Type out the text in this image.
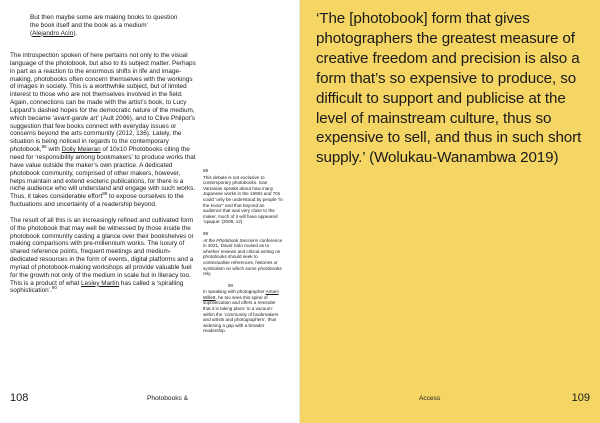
But then maybe some are making books to question the book itself and the book as a medium’
(Alejandro Acín).

The introspection spoken of here pertains not only to the visual language of the photobook, but also to its subject matter. Perhaps in part as a reaction to the enormous shifts in life and image-making, photobooks often concern themselves with the workings of images in society. This is a worthwhile subject, but of limited interest to those who are not themselves involved in the field. Again, connections can be made with the artist’s book, to Lucy Lippard’s dashed hopes for the democratic nature of the medium, which became ‘avant-garde art’ (Ault 2006), and to Clive Philpot’s suggestion that few books connect with everyday issues or concerns beyond the arts community (2012, 136). Lately, the situation is being noticed in regards to the contemporary photobook,$^{88}$ with Dolly Meieran of 10x10 Photobooks citing the need for ‘responsibility among bookmakers’ to produce works that have value outside the maker’s own practice. A dedicated photobook community, comprised of other makers, however, helps maintain and extend esoteric publications, for there is a niche audience who will understand and engage with such works. Thus, it takes considerable effort$^{89}$ to expose ourselves to the fluctuations and uncertainty of a readership beyond.

The result of all this is an increasingly refined and cultivated form of the photobook that may well be witnessed by those inside the photobook community casting a glance over their bookshelves or making comparisons with pre-millennium works. The luxury of shared reference points, frequent meetings and medium-dedicated resources in the form of events, digital platforms and a myriad of photobook-making workshops all provide valuable fuel for the growth not only of the medium in scale but in literacy too. This is a product of what Lesley Martin has called a ‘spiralling sophistication’.$^{90}$

88

This debate is not exclusive to contemporary photobooks. Ivan Vartanian speaks about how many Japanese works in the 1960s and 70s could ‘only be understood by people “in the know”’ and that beyond an audience that was very close to the maker, much of it will have appeared ‘opaque’ (2009, 12).

89

At the Photobook Sessions conference in 2021, David Solo mused as to whether reviews and critical writing on photobooks should seek to contextualise references, histories or symbolism on which some photobooks rely.

90

In speaking with photographer Amani Willett, he too sees this spiral of sophistication and offers a reminder that it is taking place ‘in a vacuum’ within the ‘community of bookmakers and artists and photographers’, thus widening a gap with a broader readership.

108	Photobooks &

‘The [photobook] form that gives photographers the greatest measure of creative freedom and precision is also a form that’s so expensive to produce, so difficult to support and publicise at the level of mainstream culture, thus so expensive to sell, and thus in such short supply.’ (Wolukau-Wanambwa 2019)

Access	109
